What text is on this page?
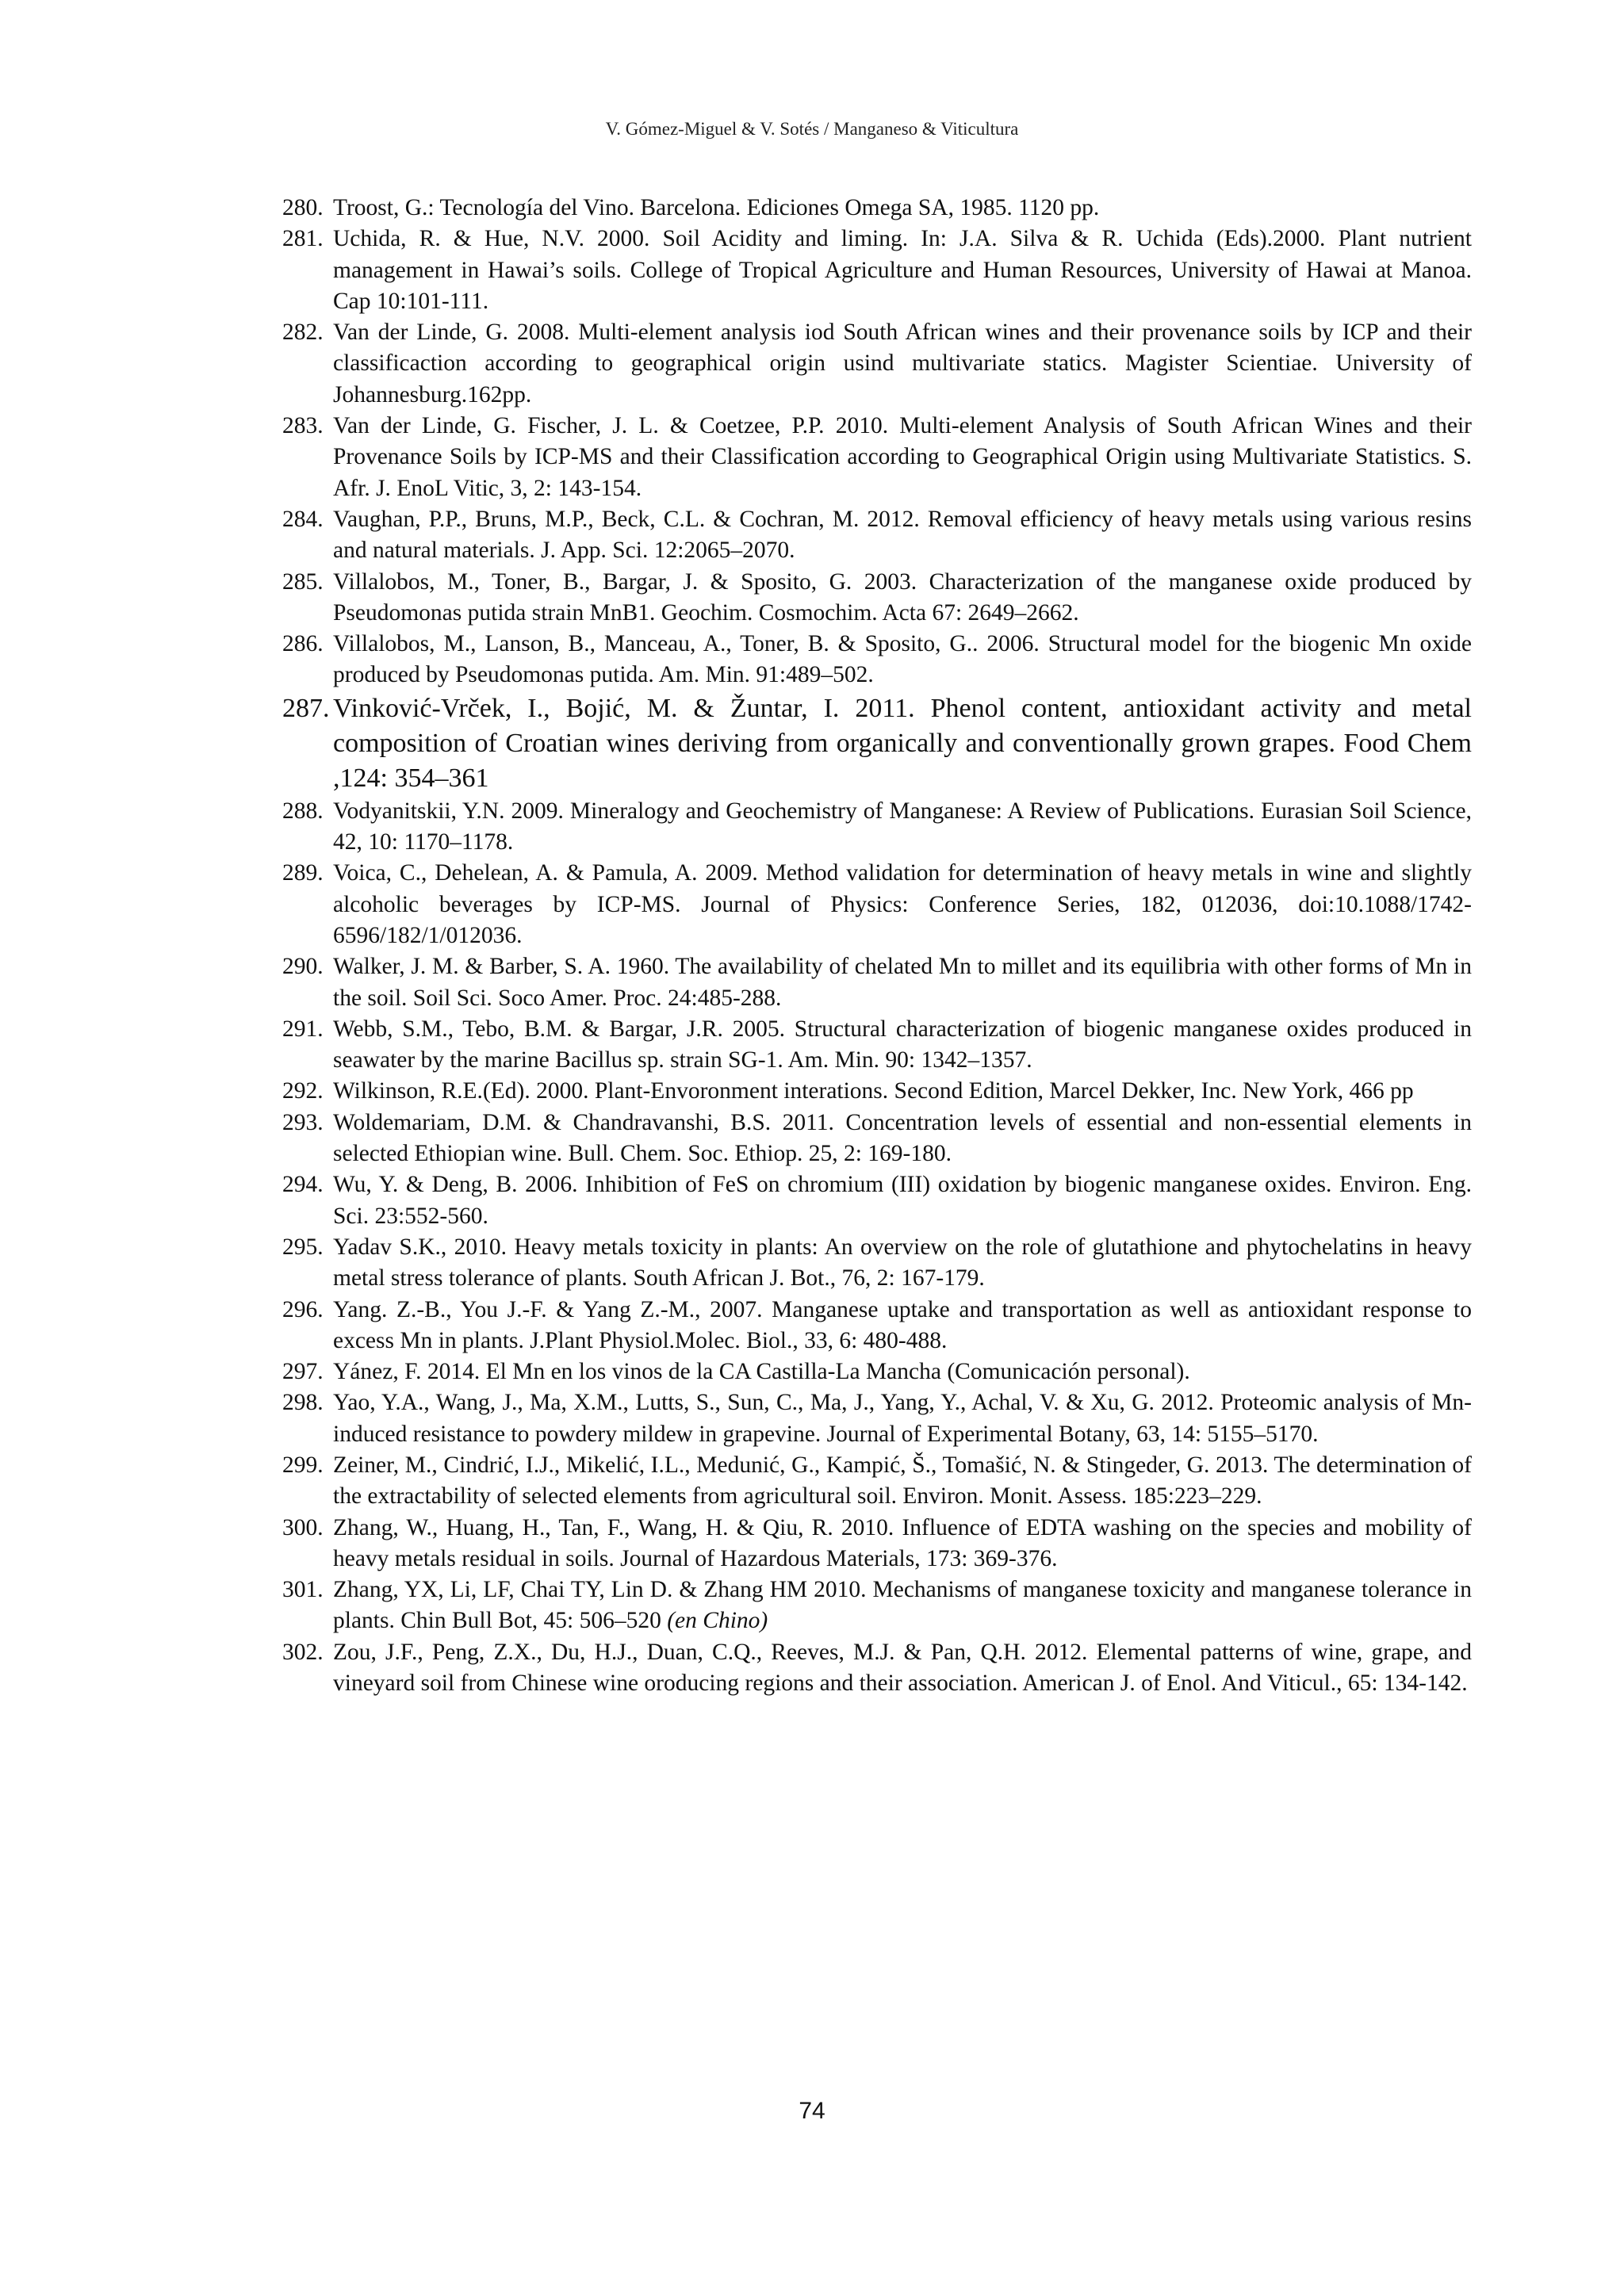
V. Gómez-Miguel & V. Sotés / Manganeso & Viticultura
280. Troost, G.: Tecnología del Vino. Barcelona. Ediciones Omega SA, 1985. 1120 pp.
281. Uchida, R. & Hue, N.V. 2000. Soil Acidity and liming. In: J.A. Silva & R. Uchida (Eds).2000. Plant nutrient management in Hawai’s soils. College of Tropical Agriculture and Human Resources, University of Hawai at Manoa. Cap 10:101-111.
282. Van der Linde, G. 2008. Multi-element analysis iod South African wines and their provenance soils by ICP and their classificaction according to geographical origin usind multivariate statics. Magister Scientiae. University of Johannesburg.162pp.
283. Van der Linde, G. Fischer, J. L. & Coetzee, P.P. 2010. Multi-element Analysis of South African Wines and their Provenance Soils by ICP-MS and their Classification according to Geographical Origin using Multivariate Statistics. S. Afr. J. EnoL Vitic, 3, 2: 143-154.
284. Vaughan, P.P., Bruns, M.P., Beck, C.L. & Cochran, M. 2012. Removal efficiency of heavy metals using various resins and natural materials. J. App. Sci. 12:2065–2070.
285. Villalobos, M., Toner, B., Bargar, J. & Sposito, G. 2003. Characterization of the manganese oxide produced by Pseudomonas putida strain MnB1. Geochim. Cosmochim. Acta 67: 2649–2662.
286. Villalobos, M., Lanson, B., Manceau, A., Toner, B. & Sposito, G.. 2006. Structural model for the biogenic Mn oxide produced by Pseudomonas putida. Am. Min. 91:489–502.
287. Vinković-Vrček, I., Bojić, M. & Žuntar, I. 2011. Phenol content, antioxidant activity and metal composition of Croatian wines deriving from organically and conventionally grown grapes. Food Chem ,124: 354–361
288. Vodyanitskii, Y.N. 2009. Mineralogy and Geochemistry of Manganese: A Review of Publications. Eurasian Soil Science, 42, 10: 1170–1178.
289. Voica, C., Dehelean, A. & Pamula, A. 2009. Method validation for determination of heavy metals in wine and slightly alcoholic beverages by ICP-MS. Journal of Physics: Conference Series, 182, 012036, doi:10.1088/1742-6596/182/1/012036.
290. Walker, J. M. & Barber, S. A. 1960. The availability of chelated Mn to millet and its equilibria with other forms of Mn in the soil. Soil Sci. Soco Amer. Proc. 24:485-288.
291. Webb, S.M., Tebo, B.M. & Bargar, J.R. 2005. Structural characterization of biogenic manganese oxides produced in seawater by the marine Bacillus sp. strain SG-1. Am. Min. 90: 1342–1357.
292. Wilkinson, R.E.(Ed). 2000. Plant-Envoronment interations. Second Edition, Marcel Dekker, Inc. New York, 466 pp
293. Woldemariam, D.M. & Chandravanshi, B.S. 2011. Concentration levels of essential and non-essential elements in selected Ethiopian wine. Bull. Chem. Soc. Ethiop. 25, 2: 169-180.
294. Wu, Y. & Deng, B. 2006. Inhibition of FeS on chromium (III) oxidation by biogenic manganese oxides. Environ. Eng. Sci. 23:552-560.
295. Yadav S.K., 2010. Heavy metals toxicity in plants: An overview on the role of glutathione and phytochelatins in heavy metal stress tolerance of plants. South African J. Bot., 76, 2: 167-179.
296. Yang. Z.-B., You J.-F. & Yang Z.-M., 2007. Manganese uptake and transportation as well as antioxidant response to excess Mn in plants. J.Plant Physiol.Molec. Biol., 33, 6: 480-488.
297. Yánez, F. 2014. El Mn en los vinos de la CA Castilla-La Mancha (Comunicación personal).
298. Yao, Y.A., Wang, J., Ma, X.M., Lutts, S., Sun, C., Ma, J., Yang, Y., Achal, V. & Xu, G. 2012. Proteomic analysis of Mn-induced resistance to powdery mildew in grapevine. Journal of Experimental Botany, 63, 14: 5155–5170.
299. Zeiner, M., Cindrić, I.J., Mikelić, I.L., Medunić, G., Kampić, Š., Tomašić, N. & Stingeder, G. 2013. The determination of the extractability of selected elements from agricultural soil. Environ. Monit. Assess. 185:223–229.
300. Zhang, W., Huang, H., Tan, F., Wang, H. & Qiu, R. 2010. Influence of EDTA washing on the species and mobility of heavy metals residual in soils. Journal of Hazardous Materials, 173: 369-376.
301. Zhang, YX, Li, LF, Chai TY, Lin D. & Zhang HM 2010. Mechanisms of manganese toxicity and manganese tolerance in plants. Chin Bull Bot, 45: 506–520 (en Chino)
302. Zou, J.F., Peng, Z.X., Du, H.J., Duan, C.Q., Reeves, M.J. & Pan, Q.H. 2012. Elemental patterns of wine, grape, and vineyard soil from Chinese wine oroducing regions and their association. American J. of Enol. And Viticul., 65: 134-142.
74
